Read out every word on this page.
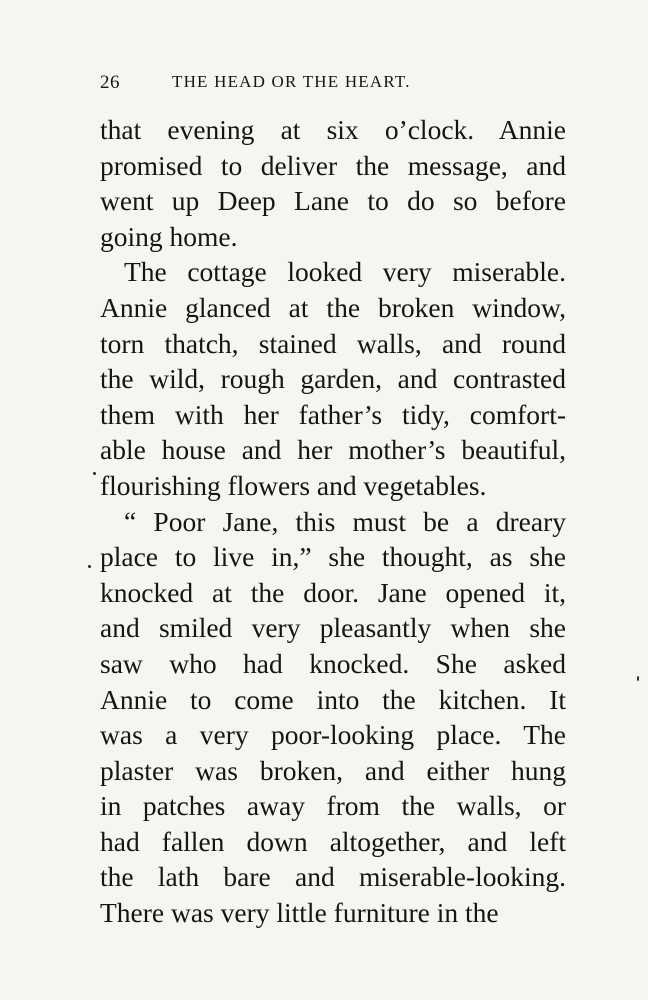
26	THE HEAD OR THE HEART.
that evening at six o’clock. Annie
promised to deliver the message, and
went up Deep Lane to do so before
going home.
The cottage looked very miserable.
Annie glanced at the broken window,
torn thatch, stained walls, and round
the wild, rough garden, and contrasted
them with her father’s tidy, comfort-
able house and her mother’s beautiful,
flourishing flowers and vegetables.
“ Poor Jane, this must be a dreary
place to live in,” she thought, as she
knocked at the door. Jane opened it,
and smiled very pleasantly when she
saw who had knocked. She asked
Annie to come into the kitchen. It
was a very poor-looking place. The
plaster was broken, and either hung
in patches away from the walls, or
had fallen down altogether, and left
the lath bare and miserable-looking.
There was very little furniture in the
